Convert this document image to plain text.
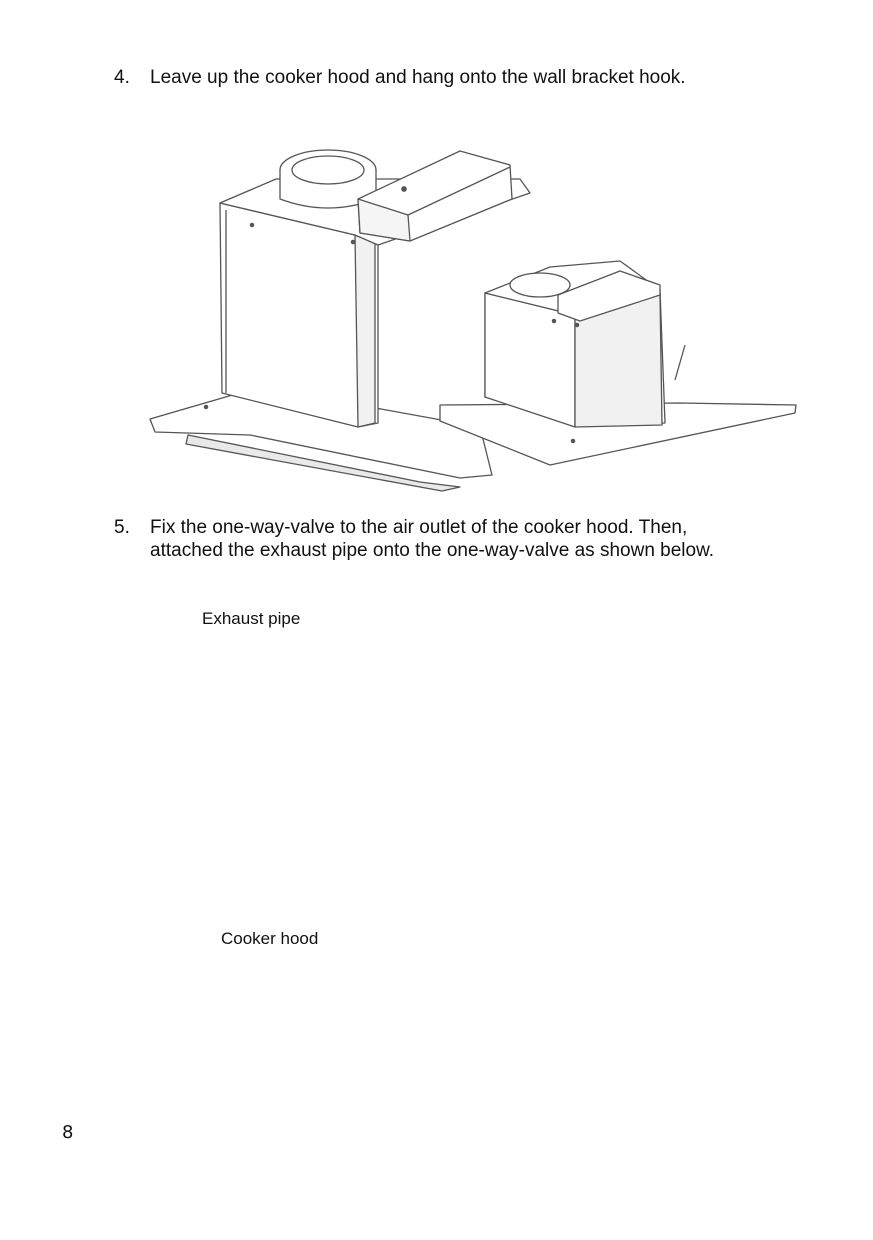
4. Leave up the cooker hood and hang onto the wall bracket hook.
5. Fix the one-way-valve to the air outlet of the cooker hood. Then,
attached the exhaust pipe onto the one-way-valve as shown below.
Exhaust pipe
Cooker hood
8
